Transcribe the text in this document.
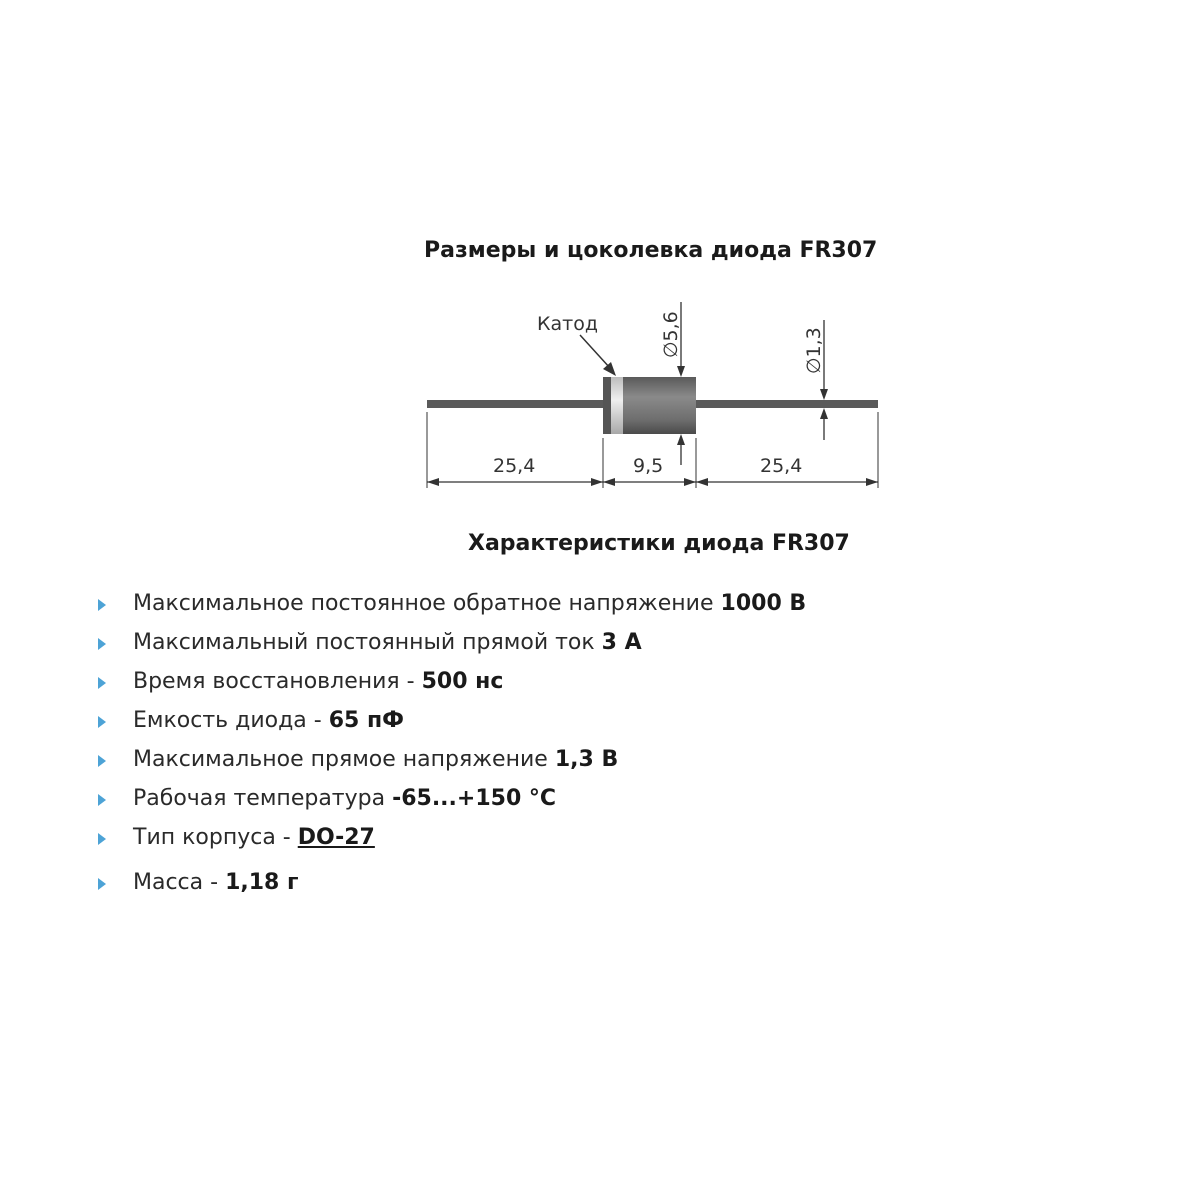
Размеры и цоколевка диода FR307
Катод	∅5,6	∅1,3
25,4	9,5	25,4
Характеристики диода FR307
Максимальное постоянное обратное напряжение 1000 В
Максимальный постоянный прямой ток 3 А
Время восстановления - 500 нс
Емкость диода - 65 пФ
Максимальное прямое напряжение 1,3 В
Рабочая температура -65...+150 °С
Тип корпуса - DO-27
Масса - 1,18 г
